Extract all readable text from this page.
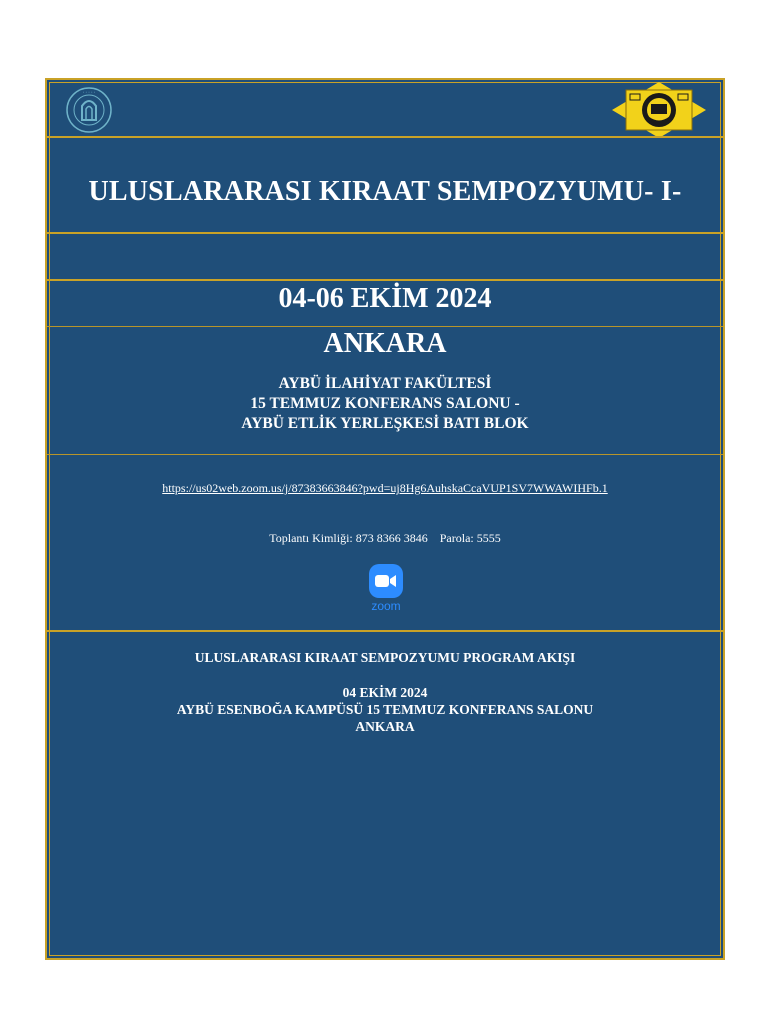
• • • • •
ULUSLARARASI KIRAAT SEMPOZYUMU- I-
04-06 EKİM 2024
ANKARA
AYBÜ İLAHİYAT FAKÜLTESİ
15 TEMMUZ KONFERANS SALONU -
AYBÜ ETLİK YERLEŞKESİ BATI BLOK
https://us02web.zoom.us/j/87383663846?pwd=uj8Hg6AuhskaCcaVUP1SV7WWAWIHFb.1
Toplantı Kimliği: 873 8366 3846 Parola: 5555
zoom
ULUSLARARASI KIRAAT SEMPOZYUMU PROGRAM AKIŞI
04 EKİM 2024
AYBÜ ESENBOĞA KAMPÜSÜ 15 TEMMUZ KONFERANS SALONU
ANKARA
